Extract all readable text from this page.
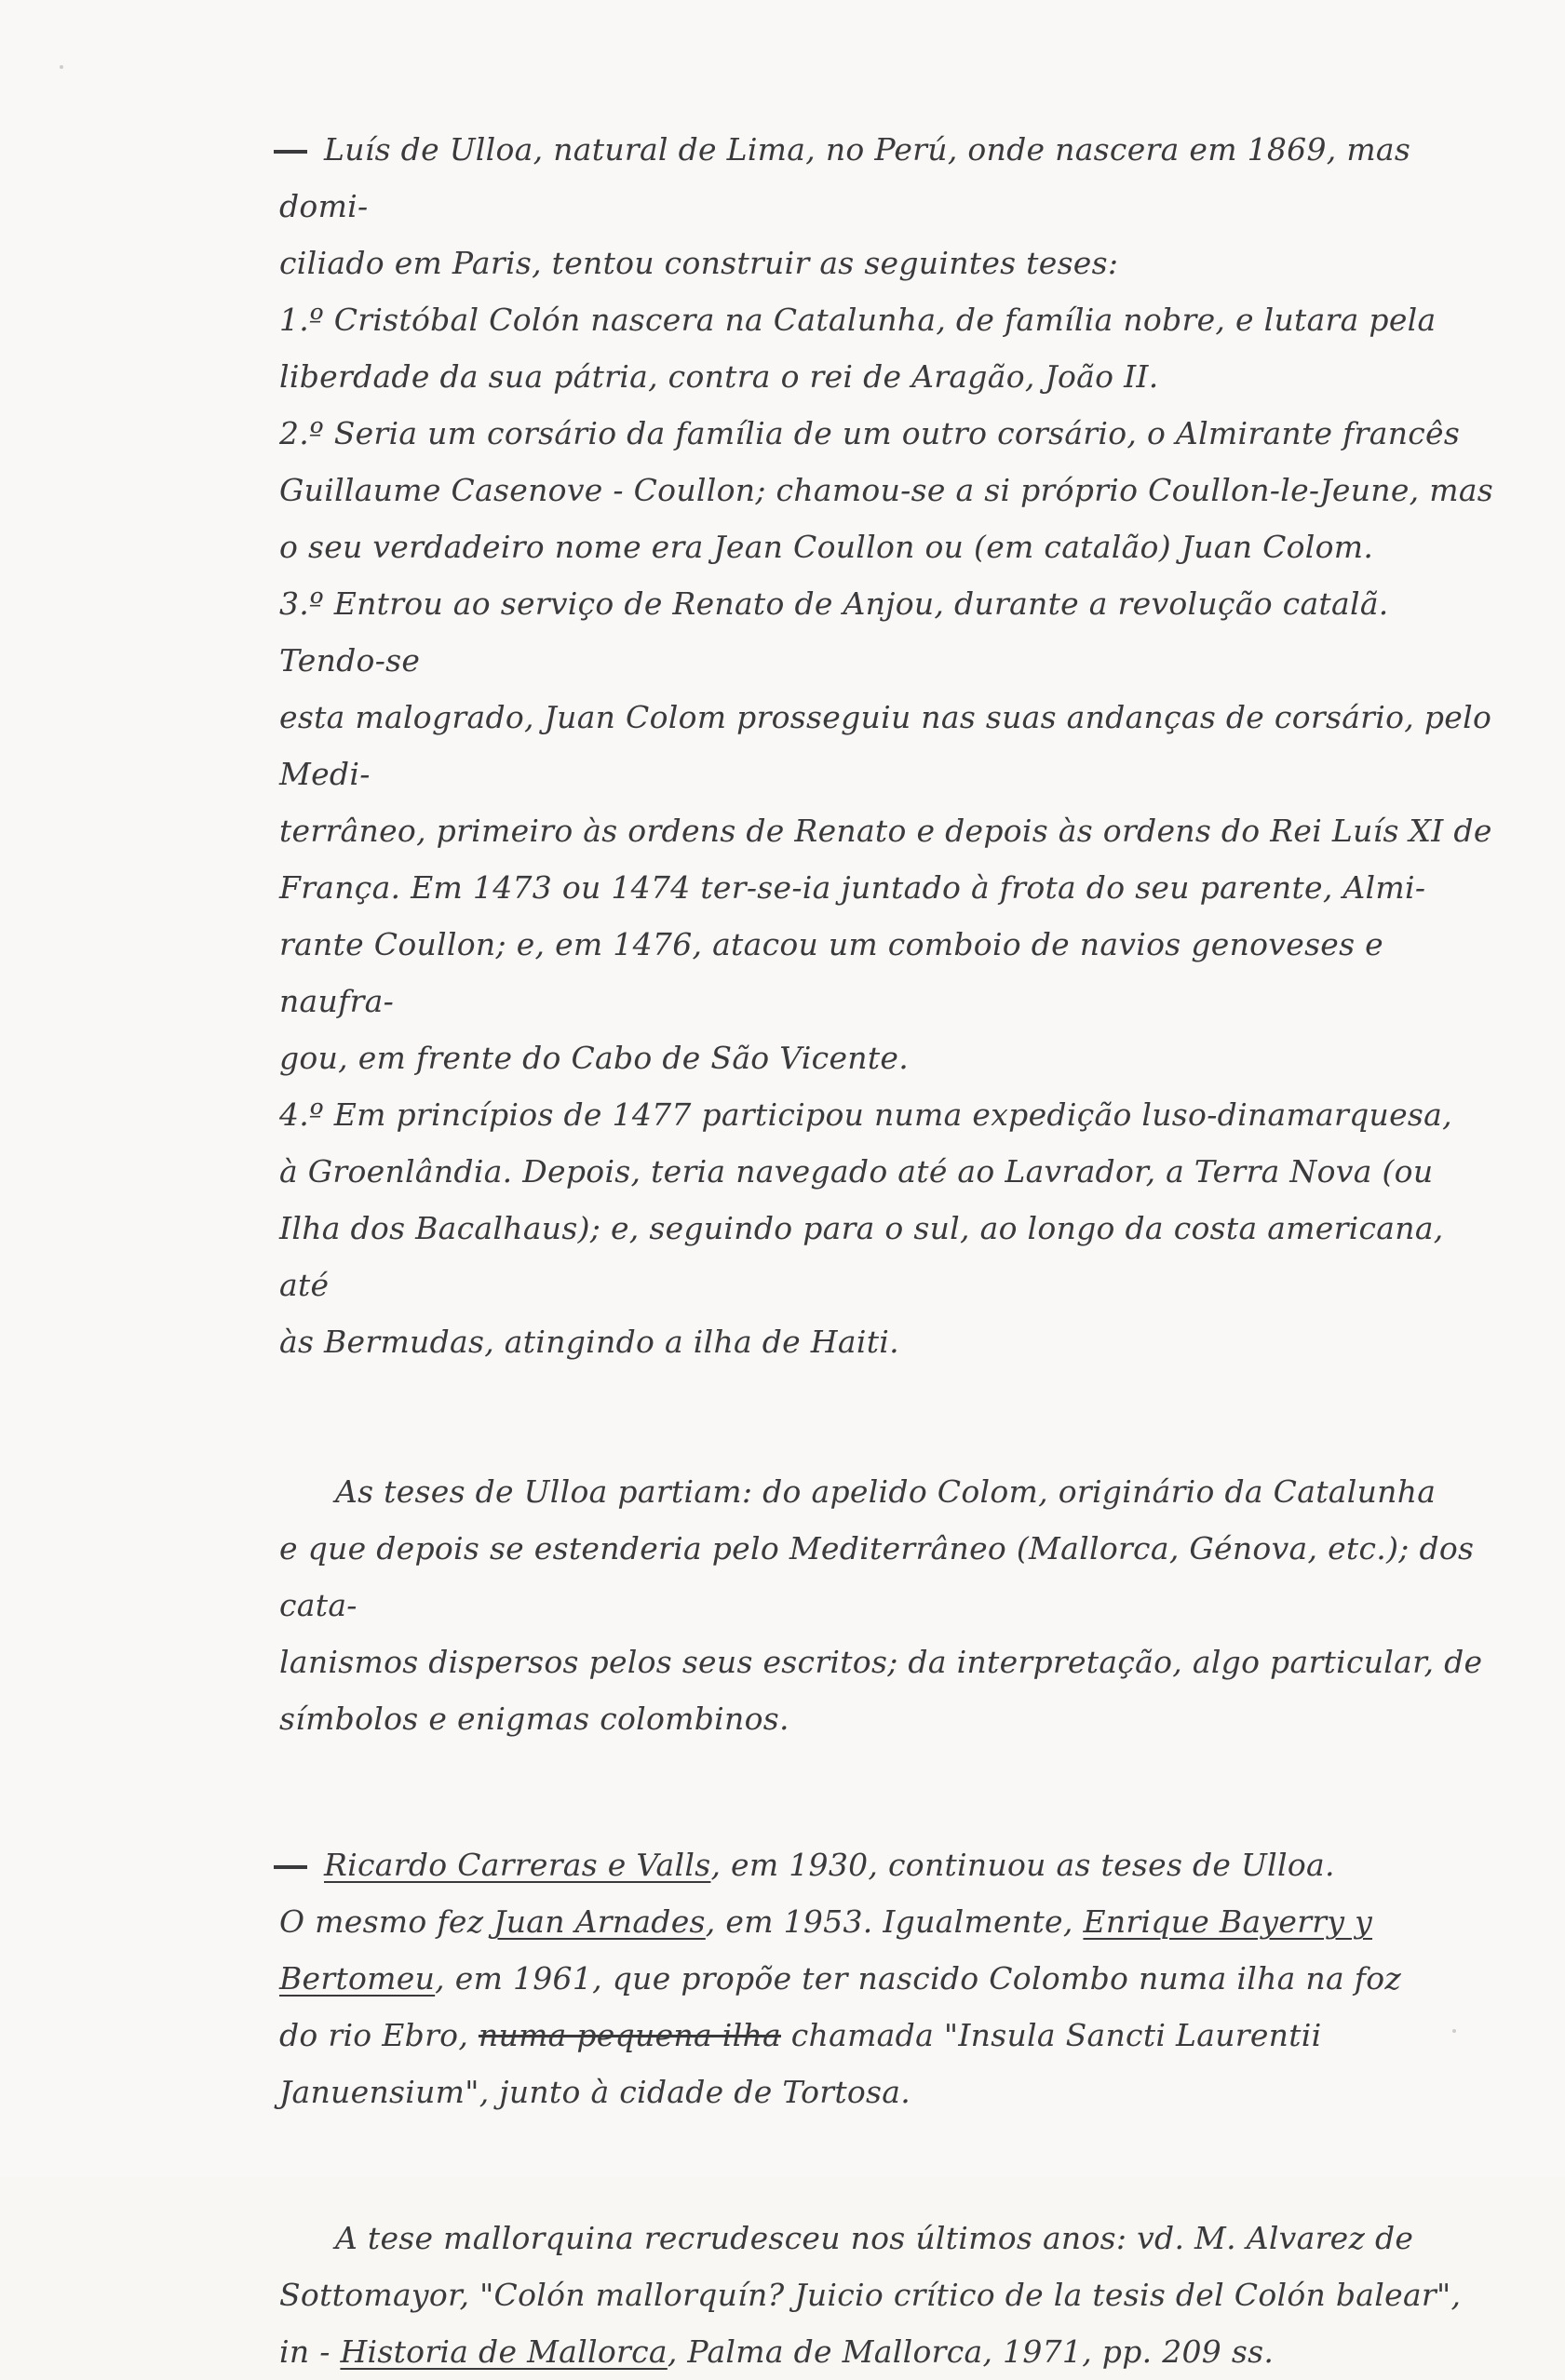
Luís de Ulloa, natural de Lima, no Perú, onde nascera em 1869, mas domi-
ciliado em Paris, tentou construir as seguintes teses:
1.º Cristóbal Colón nascera na Catalunha, de família nobre, e lutara pela
liberdade da sua pátria, contra o rei de Aragão, João II.
2.º Seria um corsário da família de um outro corsário, o Almirante francês
Guillaume Casenove - Coullon; chamou-se a si próprio Coullon-le-Jeune, mas
o seu verdadeiro nome era Jean Coullon ou (em catalão) Juan Colom.
3.º Entrou ao serviço de Renato de Anjou, durante a revolução catalã. Tendo-se
esta malogrado, Juan Colom prosseguiu nas suas andanças de corsário, pelo Medi-
terrâneo, primeiro às ordens de Renato e depois às ordens do Rei Luís XI de
França. Em 1473 ou 1474 ter-se-ia juntado à frota do seu parente, Almi-
rante Coullon; e, em 1476, atacou um comboio de navios genoveses e naufra-
gou, em frente do Cabo de São Vicente.
4.º Em princípios de 1477 participou numa expedição luso-dinamarquesa,
à Groenlândia. Depois, teria navegado até ao Lavrador, a Terra Nova (ou
Ilha dos Bacalhaus); e, seguindo para o sul, ao longo da costa americana, até
às Bermudas, atingindo a ilha de Haiti.
As teses de Ulloa partiam: do apelido Colom, originário da Catalunha
e que depois se estenderia pelo Mediterrâneo (Mallorca, Génova, etc.); dos cata-
lanismos dispersos pelos seus escritos; da interpretação, algo particular, de
símbolos e enigmas colombinos.
Ricardo Carreras e Valls, em 1930, continuou as teses de Ulloa.
O mesmo fez Juan Arnades, em 1953. Igualmente, Enrique Bayerry y
Bertomeu, em 1961, que propõe ter nascido Colombo numa ilha na foz
do rio Ebro, numa pequena ilha chamada "Insula Sancti Laurentii
Januensium", junto à cidade de Tortosa.
A tese mallorquina recrudesceu nos últimos anos: vd. M. Alvarez de
Sottomayor, "Colón mallorquín? Juicio crítico de la tesis del Colón balear",
in - Historia de Mallorca, Palma de Mallorca, 1971, pp. 209 ss.
